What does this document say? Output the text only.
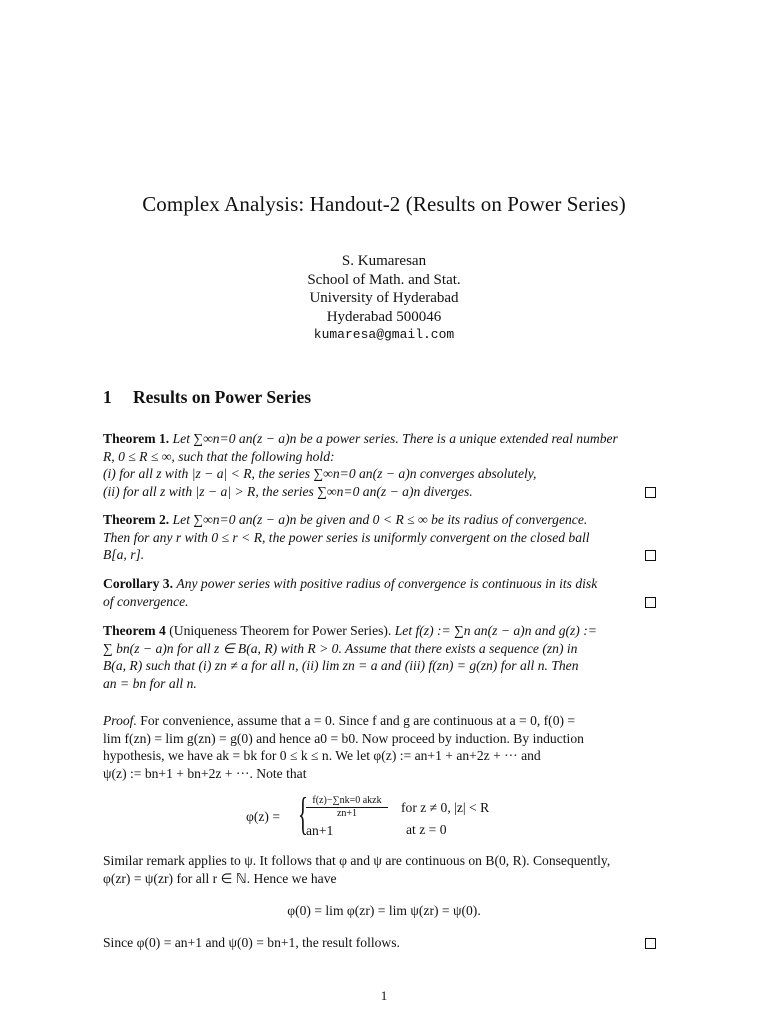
Complex Analysis: Handout-2 (Results on Power Series)
S. Kumaresan
School of Math. and Stat.
University of Hyderabad
Hyderabad 500046
kumaresa@gmail.com
1 Results on Power Series
Theorem 1. Let ∑∞n=0 an(z − a)n be a power series. There is a unique extended real number
R, 0 ≤ R ≤ ∞, such that the following hold:
(i) for all z with |z − a| < R, the series ∑∞n=0 an(z − a)n converges absolutely,
(ii) for all z with |z − a| > R, the series ∑∞n=0 an(z − a)n diverges.
Theorem 2. Let ∑∞n=0 an(z − a)n be given and 0 < R ≤ ∞ be its radius of convergence.
Then for any r with 0 ≤ r < R, the power series is uniformly convergent on the closed ball
B[a, r].
Corollary 3. Any power series with positive radius of convergence is continuous in its disk
of convergence.
Theorem 4 (Uniqueness Theorem for Power Series). Let f(z) := ∑n an(z − a)n and g(z) :=
∑ bn(z − a)n for all z ∈ B(a, R) with R > 0. Assume that there exists a sequence (zn) in
B(a, R) such that (i) zn ≠ a for all n, (ii) lim zn = a and (iii) f(zn) = g(zn) for all n. Then
an = bn for all n.
Proof. For convenience, assume that a = 0. Since f and g are continuous at a = 0, f(0) =
lim f(zn) = lim g(zn) = g(0) and hence a0 = b0. Now proceed by induction. By induction
hypothesis, we have ak = bk for 0 ≤ k ≤ n. We let φ(z) := an+1 + an+2z + ··· and
ψ(z) := bn+1 + bn+2z + ···. Note that
φ(z) = { f(z)−∑nk=0 akzk
zn+1	for z ≠ 0, |z| < R
an+1	at z = 0
Similar remark applies to ψ. It follows that φ and ψ are continuous on B(0, R). Consequently,
φ(zr) = ψ(zr) for all r ∈ ℕ. Hence we have
φ(0) = lim φ(zr) = lim ψ(zr) = ψ(0).
Since φ(0) = an+1 and ψ(0) = bn+1, the result follows.
1
